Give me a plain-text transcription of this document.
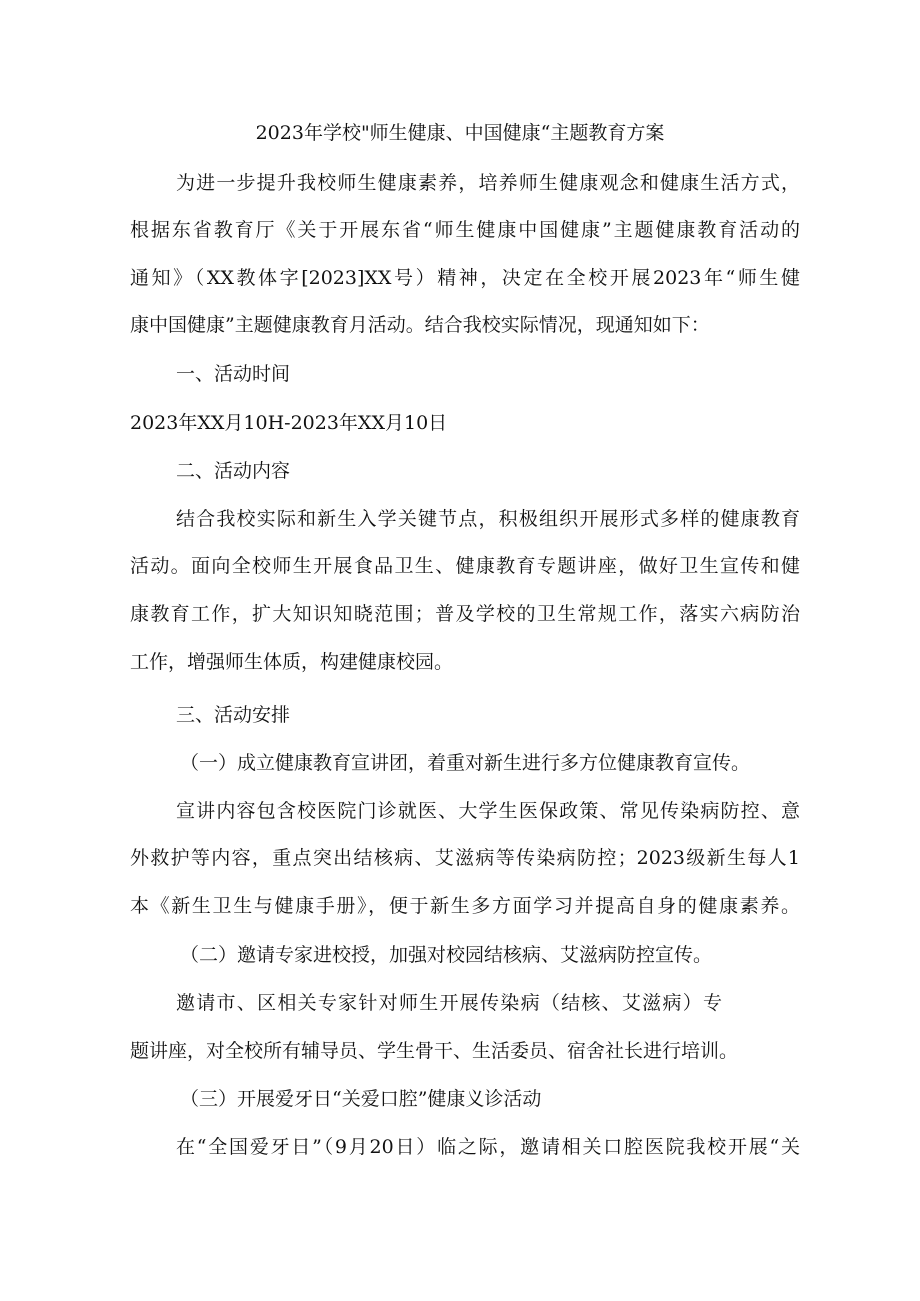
2023年学校"师生健康、中国健康“主题教育方案
为进一步提升我校师生健康素养，培养师生健康观念和健康生活方式，
根据东省教育厅《关于开展东省“师生健康中国健康”主题健康教育活动的
通知》（XX教体字[2023]XX号）精神，决定在全校开展2023年“师生健
康中国健康”主题健康教育月活动。结合我校实际情况，现通知如下：
一、活动时间
2023年XX月10H-2023年XX月10日
二、活动内容
结合我校实际和新生入学关键节点，积极组织开展形式多样的健康教育
活动。面向全校师生开展食品卫生、健康教育专题讲座，做好卫生宣传和健
康教育工作，扩大知识知晓范围；普及学校的卫生常规工作，落实六病防治
工作，增强师生体质，构建健康校园。
三、活动安排
（一）成立健康教育宣讲团，着重对新生进行多方位健康教育宣传。
宣讲内容包含校医院门诊就医、大学生医保政策、常见传染病防控、意
外救护等内容，重点突出结核病、艾滋病等传染病防控；2023级新生每人1
本《新生卫生与健康手册》，便于新生多方面学习并提高自身的健康素养。
（二）邀请专家进校授，加强对校园结核病、艾滋病防控宣传。
邀请市、区相关专家针对师生开展传染病（结核、艾滋病）专
题讲座，对全校所有辅导员、学生骨干、生活委员、宿舍社长进行培训。
（三）开展爱牙日“关爱口腔”健康义诊活动
在“全国爱牙日”（9月20日）临之际，邀请相关口腔医院我校开展“关
